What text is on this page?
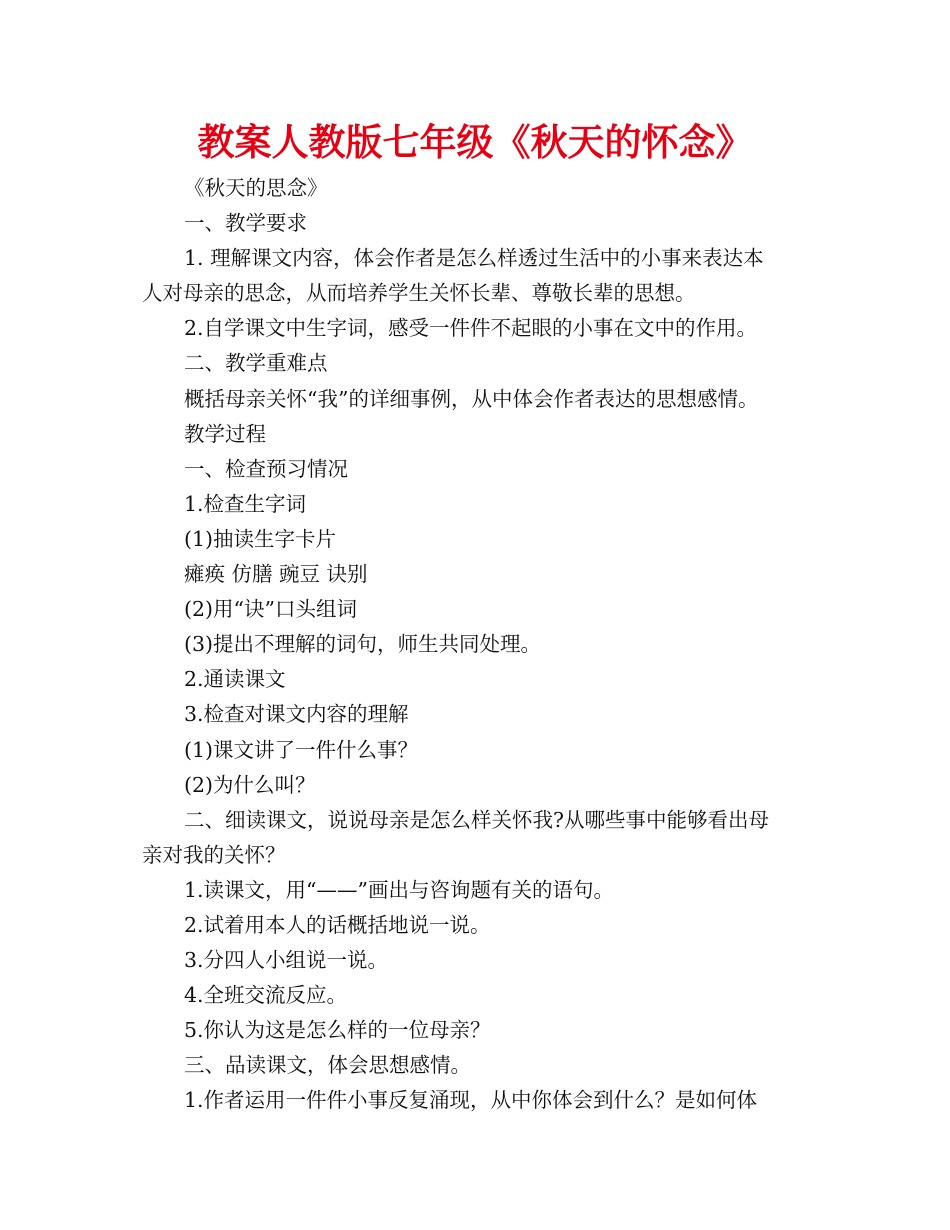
教案人教版七年级《秋天的怀念》
《秋天的思念》
一、教学要求
1. 理解课文内容，体会作者是怎么样透过生活中的小事来表达本
人对母亲的思念，从而培养学生关怀长辈、尊敬长辈的思想。
2.自学课文中生字词，感受一件件不起眼的小事在文中的作用。
二、教学重难点
概括母亲关怀“我”的详细事例，从中体会作者表达的思想感情。
教学过程
一、检查预习情况
1.检查生字词
(1)抽读生字卡片
瘫痪 仿膳 豌豆 诀别
(2)用“诀”口头组词
(3)提出不理解的词句，师生共同处理。
2.通读课文
3.检查对课文内容的理解
(1)课文讲了一件什么事？
(2)为什么叫？
二、细读课文，说说母亲是怎么样关怀我?从哪些事中能够看出母
亲对我的关怀？
1.读课文，用“——”画出与咨询题有关的语句。
2.试着用本人的话概括地说一说。
3.分四人小组说一说。
4.全班交流反应。
5.你认为这是怎么样的一位母亲？
三、品读课文，体会思想感情。
1.作者运用一件件小事反复涌现，从中你体会到什么？是如何体
